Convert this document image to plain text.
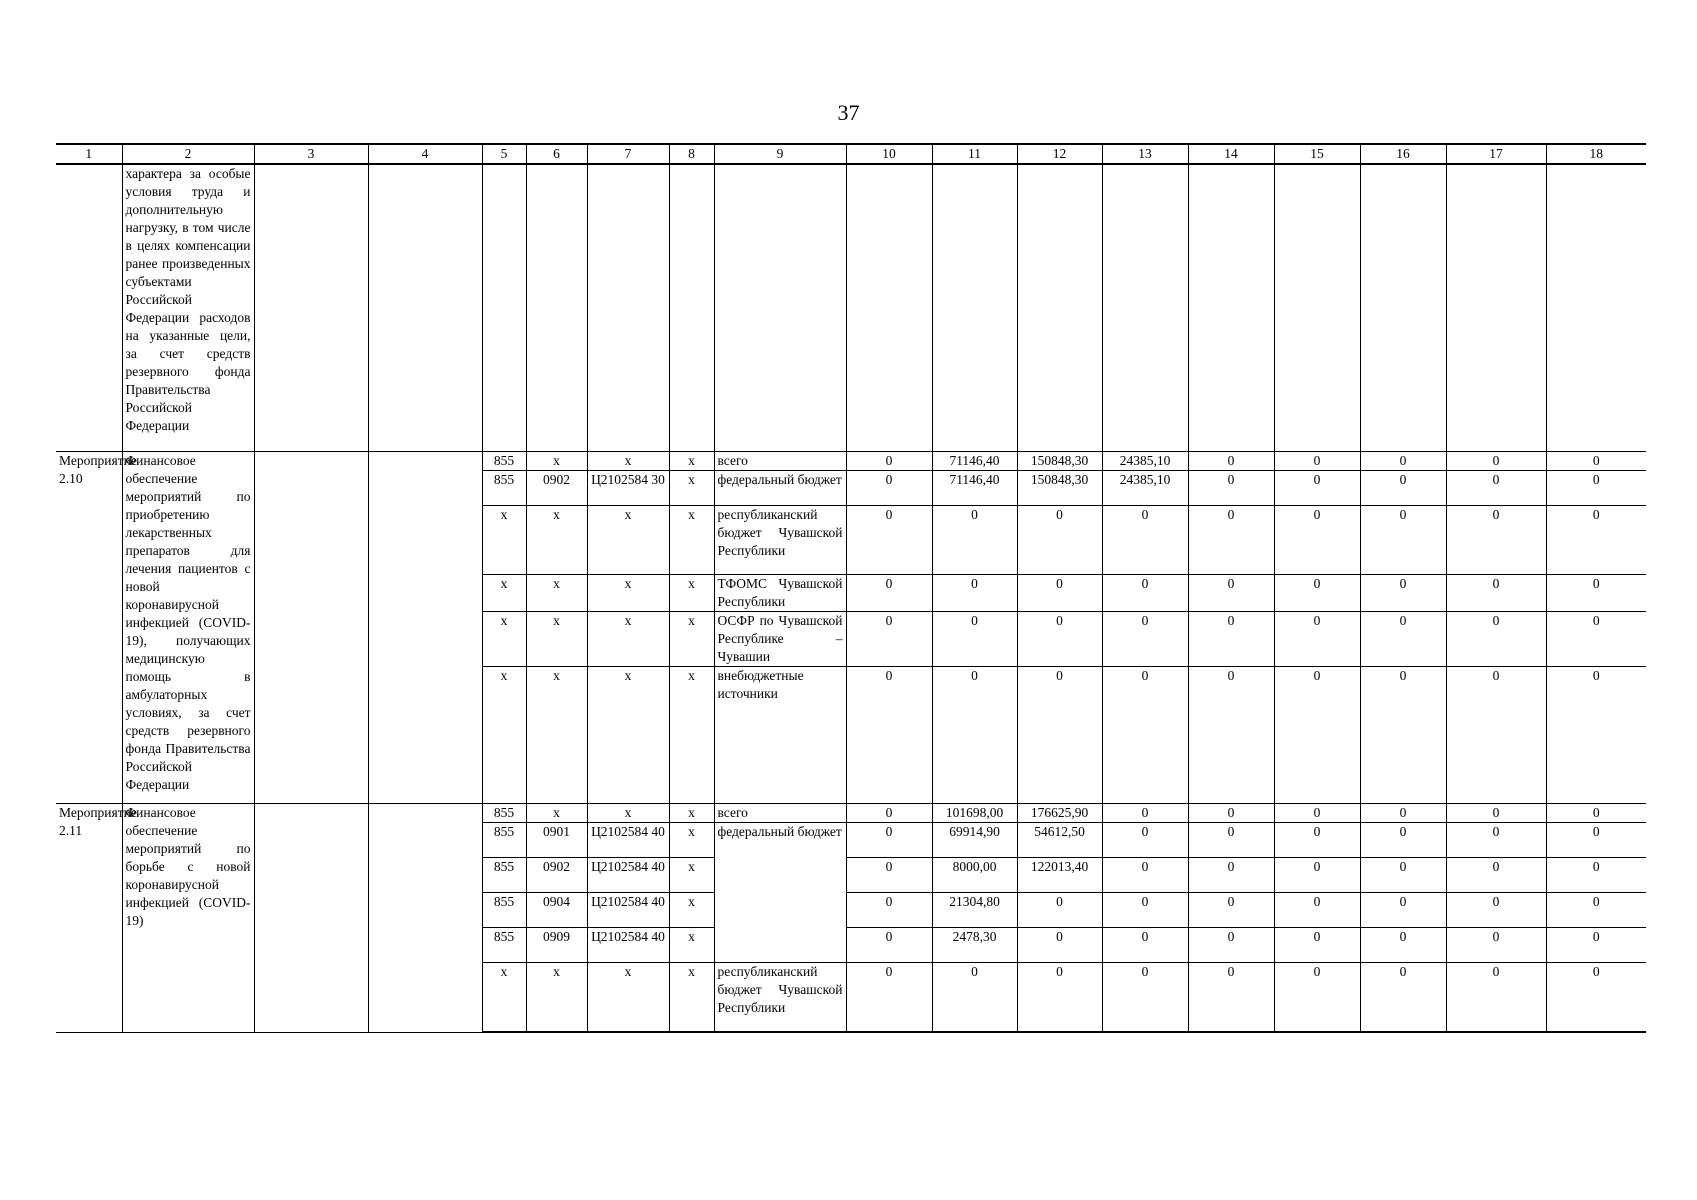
37
1	2	3	4	5	6	7	8	9	10	11	12	13	14	15	16	17	18
	характера за особые условия труда и дополнительную нагрузку, в том числе в целях компенсации ранее произведенных субъектами Российской Федерации расходов на указанные цели, за счет средств резервного фонда Правительства Российской Федерации																
Мероприятие 2.10	Финансовое обеспечение мероприятий по приобретению лекарственных препаратов для лечения пациентов с новой коронавирусной инфекцией (COVID-19), получающих медицинскую помощь в амбулаторных условиях, за счет средств резервного фонда Правительства Российской Федерации			855	x	x	x	всего	0	71146,40	150848,30	24385,10	0	0	0	0	0
				855	0902	Ц2102584 30	x	федеральный бюджет	0	71146,40	150848,30	24385,10	0	0	0	0	0
				x	x	x	x	республиканский бюджет Чувашской Республики	0	0	0	0	0	0	0	0	0
				x	x	x	x	ТФОМС Чувашской Республики	0	0	0	0	0	0	0	0	0
				x	x	x	x	ОСФР по Чувашской Республике – Чувашии	0	0	0	0	0	0	0	0	0
				x	x	x	x	внебюджетные источники	0	0	0	0	0	0	0	0	0
Мероприятие 2.11	Финансовое обеспечение мероприятий по борьбе с новой коронавирусной инфекцией (COVID-19)			855	x	x	x	всего	0	101698,00	176625,90	0	0	0	0	0	0
				855	0901	Ц2102584 40	x	федеральный бюджет	0	69914,90	54612,50	0	0	0	0	0	0
				855	0902	Ц2102584 40	x		0	8000,00	122013,40	0	0	0	0	0	0
				855	0904	Ц2102584 40	x		0	21304,80	0	0	0	0	0	0	0
				855	0909	Ц2102584 40	x		0	2478,30	0	0	0	0	0	0	0
				x	x	x	x	республиканский бюджет Чувашской Республики	0	0	0	0	0	0	0	0	0
